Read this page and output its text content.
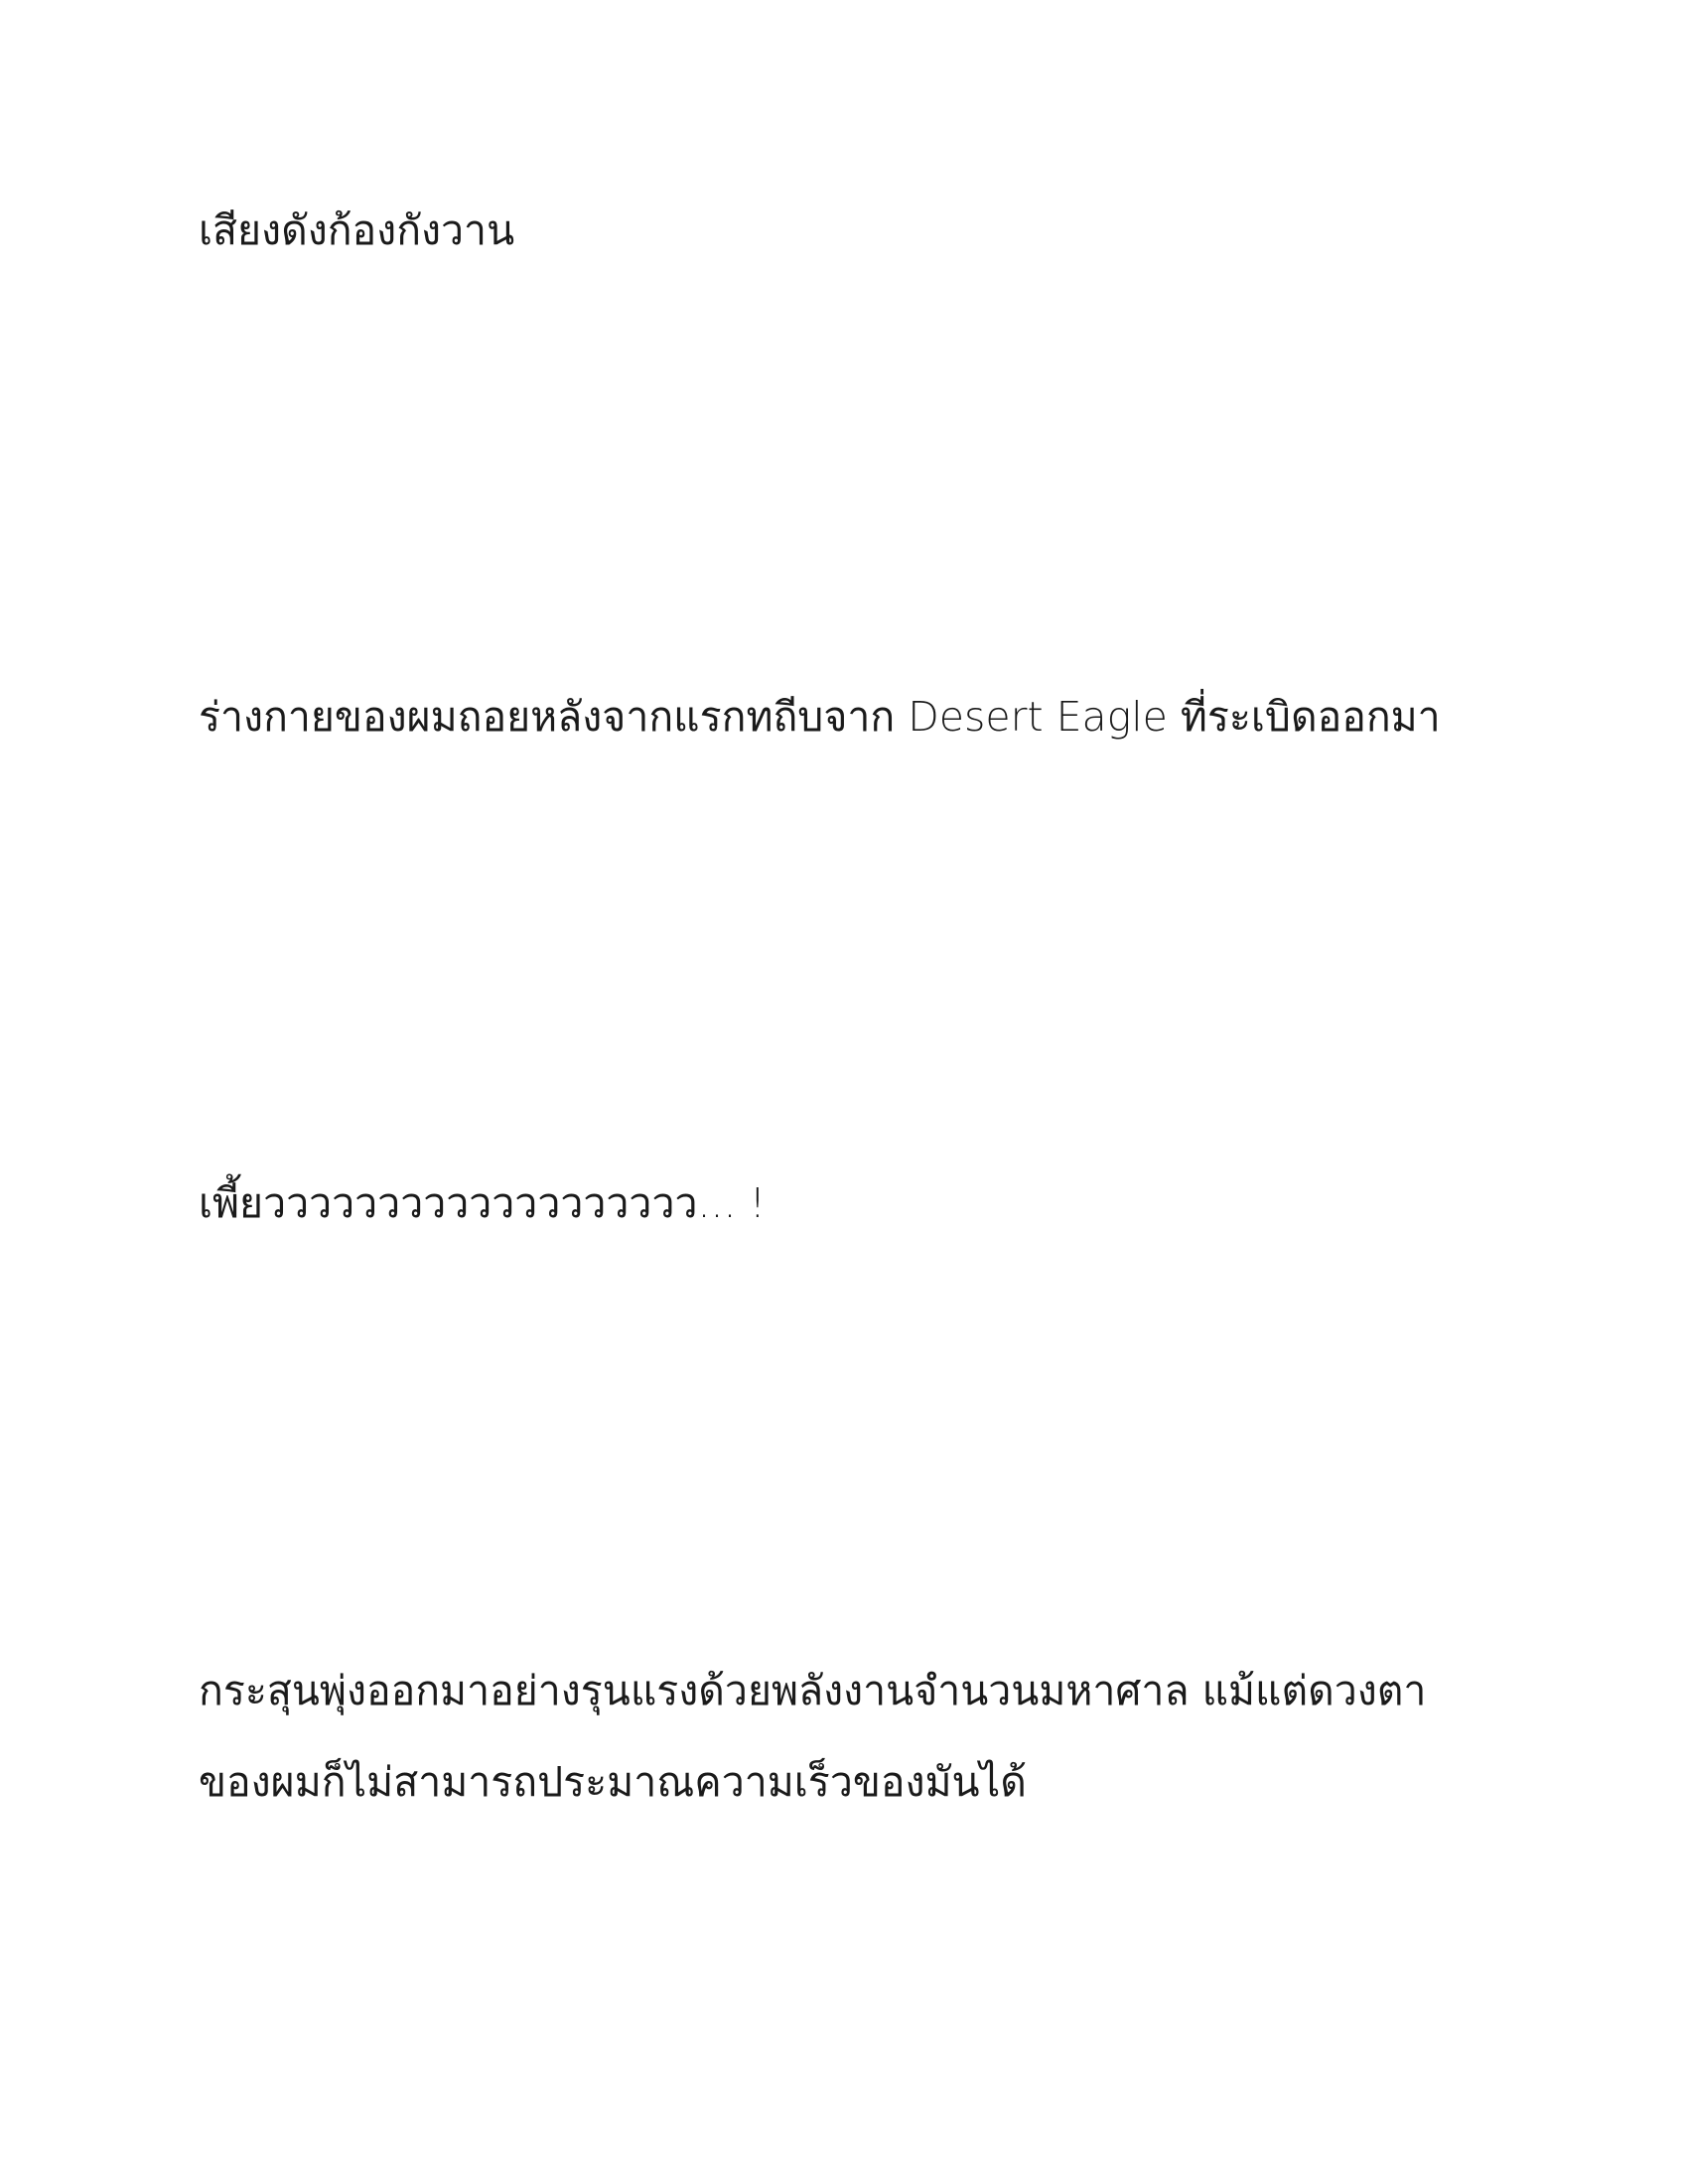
เสียงดังก้องกังวาน
ร่างกายของผมถอยหลังจากแรกทถีบจาก Desert Eagle ที่ระเบิดออกมา
เพี้ยววววววววววววววววววว... !
กระสุนพุ่งออกมาอย่างรุนแรงด้วยพลังงานจำนวนมหาศาล แม้แต่ดวงตา
ของผมก็ไม่สามารถประมาณความเร็วของมันได้
